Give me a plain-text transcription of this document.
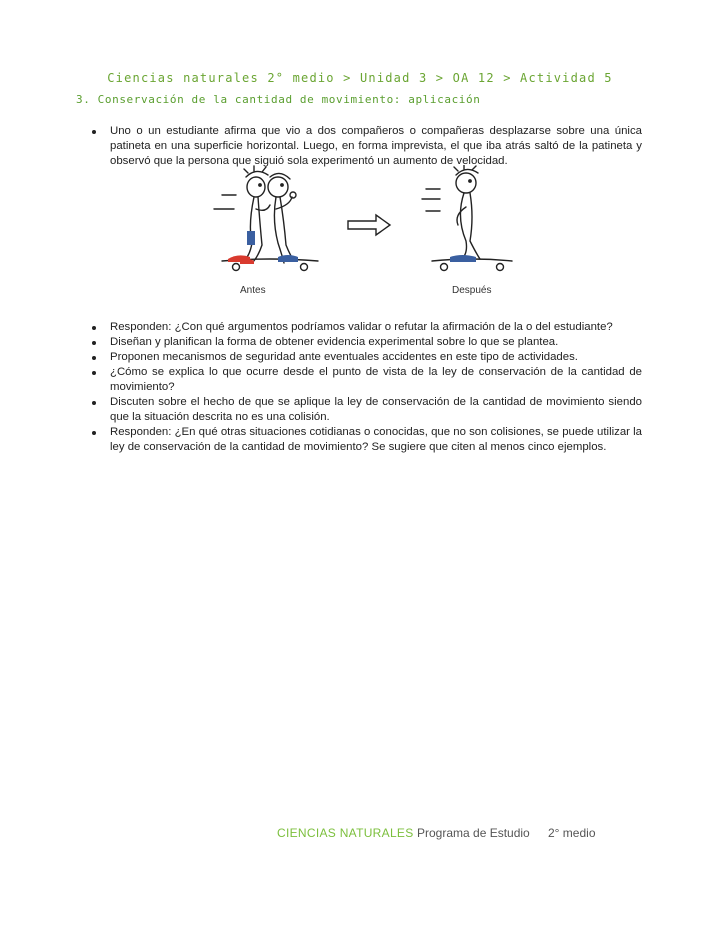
Ciencias naturales 2° medio > Unidad 3 > OA 12 > Actividad 5
3. Conservación de la cantidad de movimiento: aplicación
Uno o un estudiante afirma que vio a dos compañeros o compañeras desplazarse sobre una única patineta en una superficie horizontal. Luego, en forma imprevista, el que iba atrás saltó de la patineta y observó que la persona que siguió sola experimentó un aumento de velocidad.
Antes	Después
Responden: ¿Con qué argumentos podríamos validar o refutar la afirmación de la o del estudiante?
Diseñan y planifican la forma de obtener evidencia experimental sobre lo que se plantea.
Proponen mecanismos de seguridad ante eventuales accidentes en este tipo de actividades.
¿Cómo se explica lo que ocurre desde el punto de vista de la ley de conservación de la cantidad de movimiento?
Discuten sobre el hecho de que se aplique la ley de conservación de la cantidad de movimiento siendo que la situación descrita no es una colisión.
Responden: ¿En qué otras situaciones cotidianas o conocidas, que no son colisiones, se puede utilizar la ley de conservación de la cantidad de movimiento? Se sugiere que citen al menos cinco ejemplos.
CIENCIAS NATURALES Programa de Estudio 2° medio
